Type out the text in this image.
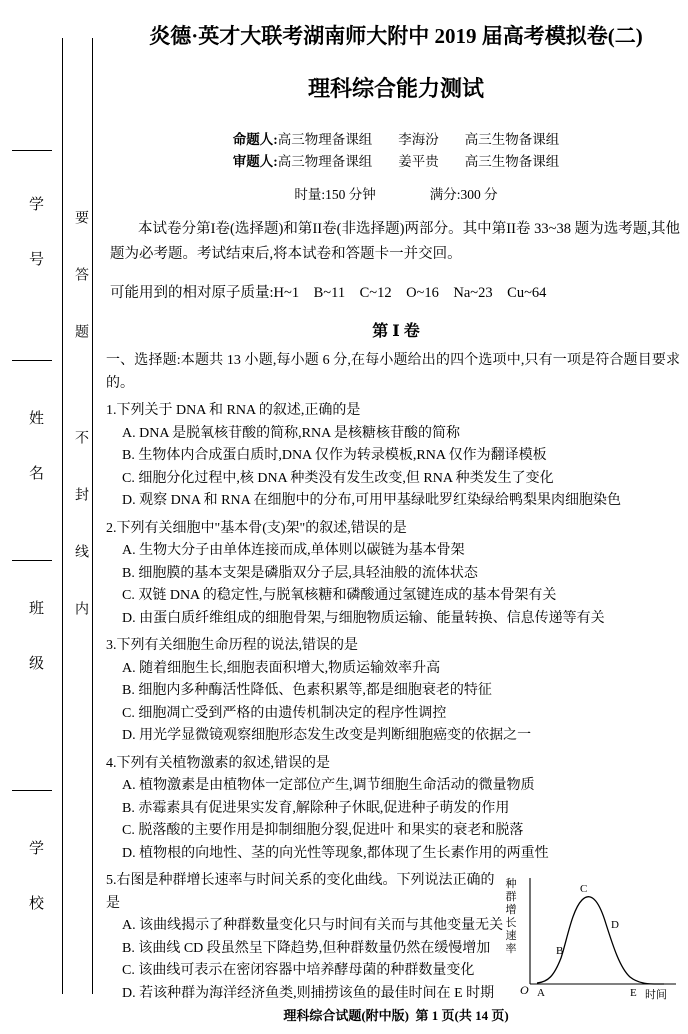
学 号
姓 名
班 级
学 校
要 答 题
不 封 线 内
炎德·英才大联考湖南师大附中 2019 届高考模拟卷(二)
理科综合能力测试
命题人:高三物理备课组 李海汾 高三生物备课组
审题人:高三物理备课组 姜平贵 高三生物备课组
时量:150 分钟	满分:300 分
本试卷分第I卷(选择题)和第II卷(非选择题)两部分。其中第II卷 33~38 题为选考题,其他题为必考题。考试结束后,将本试卷和答题卡一并交回。
可能用到的相对原子质量:H~1　B~11　C~12　O~16　Na~23　Cu~64
第 Ⅰ 卷
一、选择题:本题共 13 小题,每小题 6 分,在每小题给出的四个选项中,只有一项是符合题目要求的。
1.下列关于 DNA 和 RNA 的叙述,正确的是
A. DNA 是脱氧核苷酸的简称,RNA 是核糖核苷酸的简称
B. 生物体内合成蛋白质时,DNA 仅作为转录模板,RNA 仅作为翻译模板
C. 细胞分化过程中,核 DNA 种类没有发生改变,但 RNA 种类发生了变化
D. 观察 DNA 和 RNA 在细胞中的分布,可用甲基绿吡罗红染绿给鸭梨果肉细胞染色
2.下列有关细胞中"基本骨(支)架"的叙述,错误的是
A. 生物大分子由单体连接而成,单体则以碳链为基本骨架
B. 细胞膜的基本支架是磷脂双分子层,具轻油般的流体状态
C. 双链 DNA 的稳定性,与脱氧核糖和磷酸通过氢键连成的基本骨架有关
D. 由蛋白质纤维组成的细胞骨架,与细胞物质运输、能量转换、信息传递等有关
3.下列有关细胞生命历程的说法,错误的是
A. 随着细胞生长,细胞表面积增大,物质运输效率升高
B. 细胞内多种酶活性降低、色素积累等,都是细胞衰老的特征
C. 细胞凋亡受到严格的由遗传机制决定的程序性调控
D. 用光学显微镜观察细胞形态发生改变是判断细胞癌变的依据之一
4.下列有关植物激素的叙述,错误的是
A. 植物激素是由植物体一定部位产生,调节细胞生命活动的微量物质
B. 赤霉素具有促进果实发育,解除种子休眠,促进种子萌发的作用
C. 脱落酸的主要作用是抑制细胞分裂,促进叶 和果实的衰老和脱落
D. 植物根的向地性、茎的向光性等现象,都体现了生长素作用的两重性
5.右图是种群增长速率与时间关系的变化曲线。下列说法正确的是
A. 该曲线揭示了种群数量变化只与时间有关而与其他变量无关
B. 该曲线 CD 段虽然呈下降趋势,但种群数量仍然在缓慢增加
C. 该曲线可表示在密闭容器中培养酵母菌的种群数量变化
D. 若该种群为海洋经济鱼类,则捕捞该鱼的最佳时间在 E 时期	O A
B
C
D
E 时间
种群增长速率
理科综合试题(附中版) 第 1 页(共 14 页)
